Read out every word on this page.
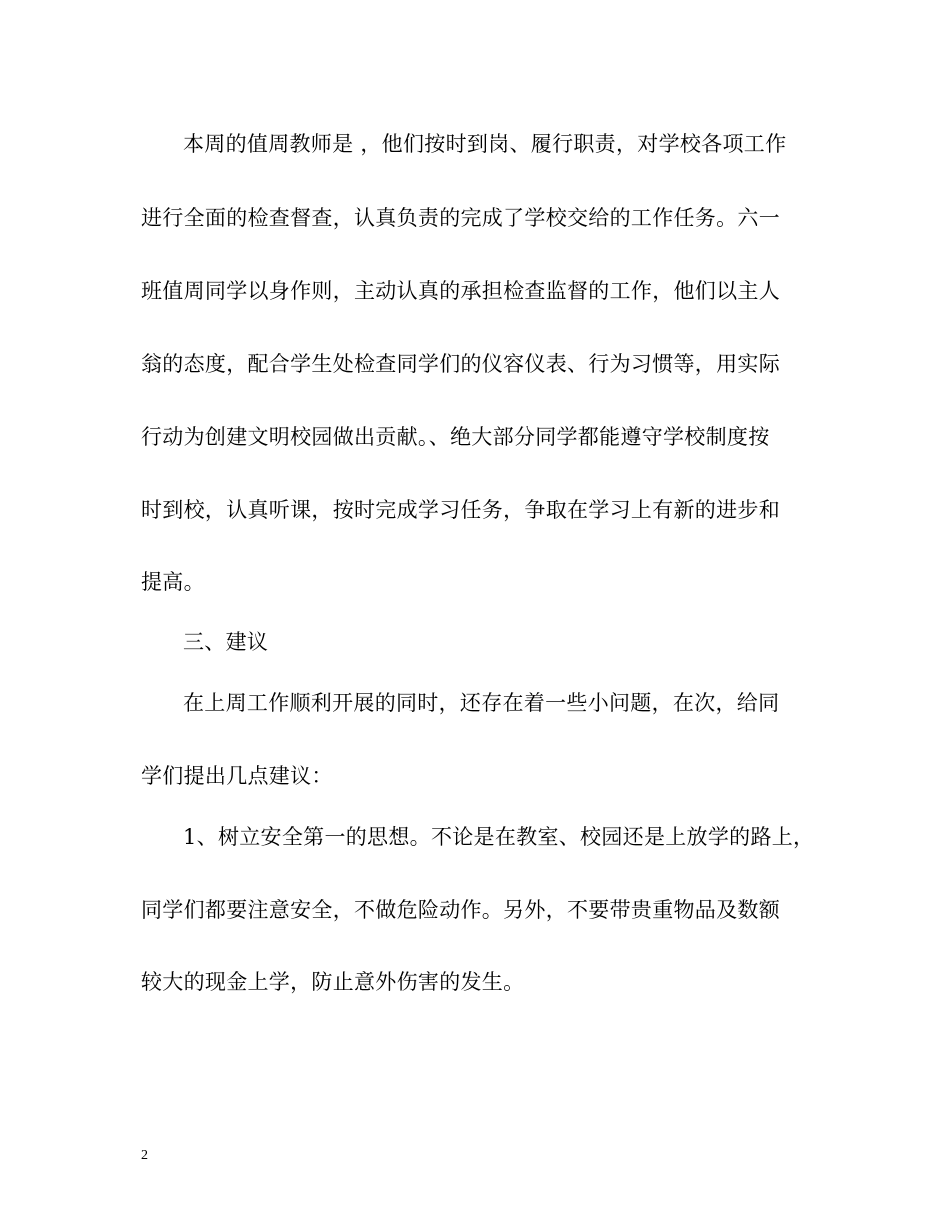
本周的值周教师是 ，他们按时到岗、履行职责，对学校各项工作
进行全面的检查督查，认真负责的完成了学校交给的工作任务。六一
班值周同学以身作则，主动认真的承担检查监督的工作，他们以主人
翁的态度，配合学生处检查同学们的仪容仪表、行为习惯等，用实际
行动为创建文明校园做出贡献。、绝大部分同学都能遵守学校制度按
时到校，认真听课，按时完成学习任务，争取在学习上有新的进步和
提高。
三、建议
在上周工作顺利开展的同时，还存在着一些小问题，在次，给同
学们提出几点建议：
1、树立安全第一的思想。不论是在教室、校园还是上放学的路上，
同学们都要注意安全，不做危险动作。另外，不要带贵重物品及数额
较大的现金上学，防止意外伤害的发生。
2
